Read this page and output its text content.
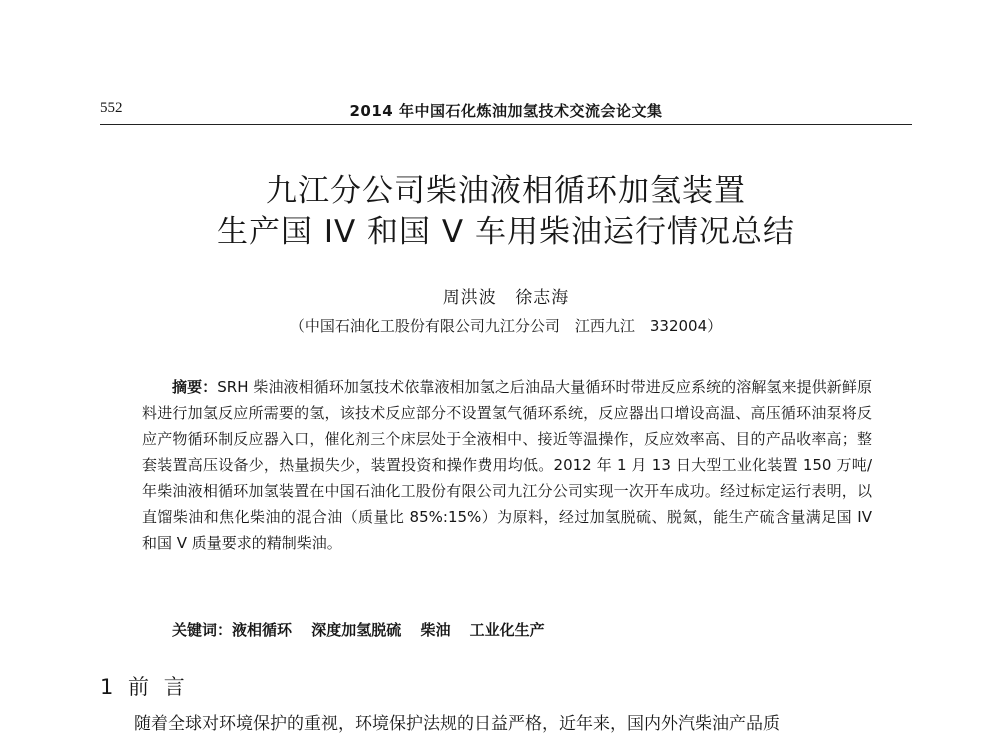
552	2014 年中国石化炼油加氢技术交流会论文集
九江分公司柴油液相循环加氢装置
生产国 IV 和国 V 车用柴油运行情况总结
周洪波 徐志海
（中国石油化工股份有限公司九江分公司　江西九江　332004）

摘要：SRH 柴油液相循环加氢技术依靠液相加氢之后油品大量循环时带进反应系统的溶解氢来提供新鲜原料进行加氢反应所需要的氢，该技术反应部分不设置氢气循环系统，反应器出口增设高温、高压循环油泵将反应产物循环制反应器入口，催化剂三个床层处于全液相中、接近等温操作，反应效率高、目的产品收率高；整套装置高压设备少，热量损失少，装置投资和操作费用均低。2012 年 1 月 13 日大型工业化装置 150 万吨/年柴油液相循环加氢装置在中国石油化工股份有限公司九江分公司实现一次开车成功。经过标定运行表明，以直馏柴油和焦化柴油的混合油（质量比 85%:15%）为原料，经过加氢脱硫、脱氮，能生产硫含量满足国 IV 和国 V 质量要求的精制柴油。

关键词：液相循环 深度加氢脱硫 柴油 工业化生产
1 前 言

随着全球对环境保护的重视，环境保护法规的日益严格，近年来，国内外汽柴油产品质
